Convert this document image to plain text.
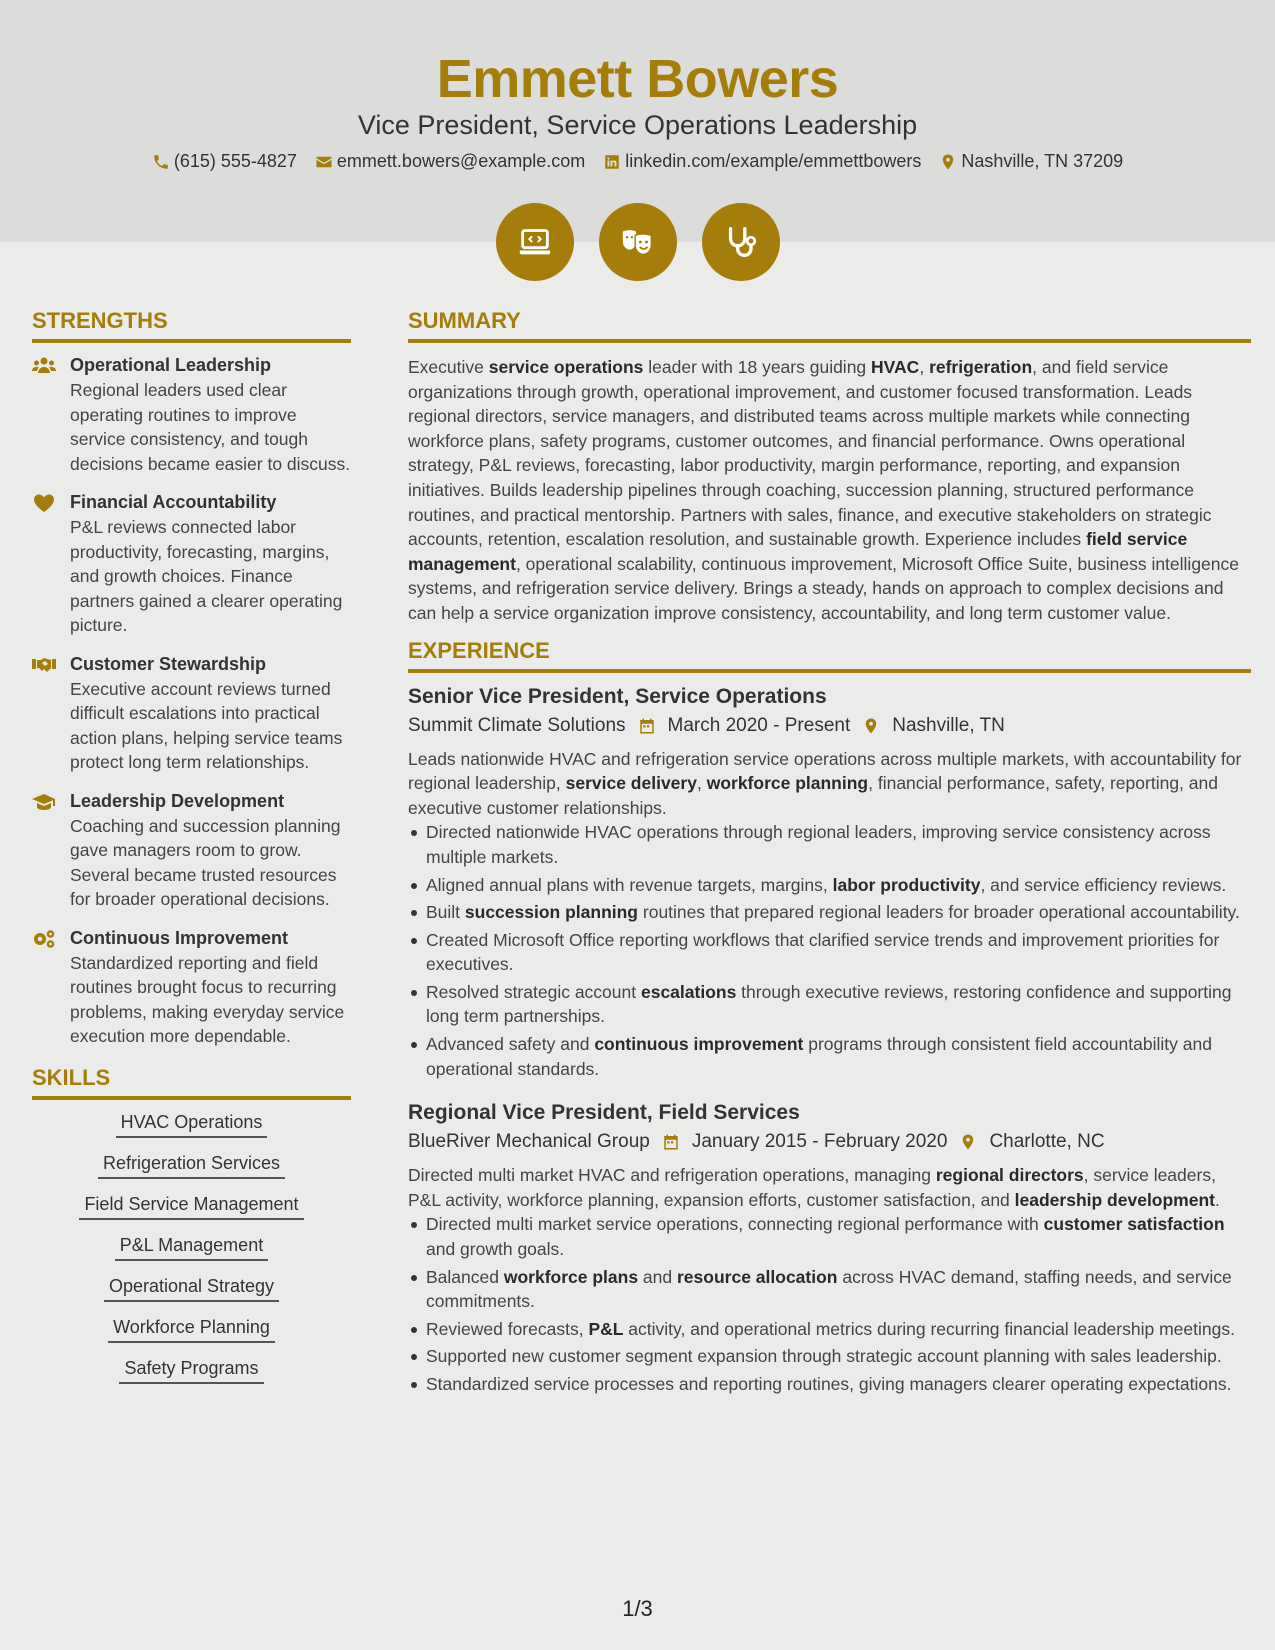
Emmett Bowers
Vice President, Service Operations Leadership
(615) 555-4827 emmett.bowers@example.com linkedin.com/example/emmettbowers Nashville, TN 37209
STRENGTHS
Operational Leadership
Regional leaders used clear operating routines to improve service consistency, and tough decisions became easier to discuss.
Financial Accountability
P&L reviews connected labor productivity, forecasting, margins, and growth choices. Finance partners gained a clearer operating picture.
Customer Stewardship
Executive account reviews turned difficult escalations into practical action plans, helping service teams protect long term relationships.
Leadership Development
Coaching and succession planning gave managers room to grow. Several became trusted resources for broader operational decisions.
Continuous Improvement
Standardized reporting and field routines brought focus to recurring problems, making everyday service execution more dependable.
SKILLS
HVAC Operations
Refrigeration Services
Field Service Management
P&L Management
Operational Strategy
Workforce Planning
Safety Programs
SUMMARY
Executive service operations leader with 18 years guiding HVAC, refrigeration, and field service organizations through growth, operational improvement, and customer focused transformation. Leads regional directors, service managers, and distributed teams across multiple markets while connecting workforce plans, safety programs, customer outcomes, and financial performance. Owns operational strategy, P&L reviews, forecasting, labor productivity, margin performance, reporting, and expansion initiatives. Builds leadership pipelines through coaching, succession planning, structured performance routines, and practical mentorship. Partners with sales, finance, and executive stakeholders on strategic accounts, retention, escalation resolution, and sustainable growth. Experience includes field service management, operational scalability, continuous improvement, Microsoft Office Suite, business intelligence systems, and refrigeration service delivery. Brings a steady, hands on approach to complex decisions and can help a service organization improve consistency, accountability, and long term customer value.
EXPERIENCE
Senior Vice President, Service Operations
Summit Climate Solutions March 2020 - Present Nashville, TN
Leads nationwide HVAC and refrigeration service operations across multiple markets, with accountability for regional leadership, service delivery, workforce planning, financial performance, safety, reporting, and executive customer relationships.
Directed nationwide HVAC operations through regional leaders, improving service consistency across multiple markets.
Aligned annual plans with revenue targets, margins, labor productivity, and service efficiency reviews.
Built succession planning routines that prepared regional leaders for broader operational accountability.
Created Microsoft Office reporting workflows that clarified service trends and improvement priorities for executives.
Resolved strategic account escalations through executive reviews, restoring confidence and supporting long term partnerships.
Advanced safety and continuous improvement programs through consistent field accountability and operational standards.
Regional Vice President, Field Services
BlueRiver Mechanical Group January 2015 - February 2020 Charlotte, NC
Directed multi market HVAC and refrigeration operations, managing regional directors, service leaders, P&L activity, workforce planning, expansion efforts, customer satisfaction, and leadership development.
Directed multi market service operations, connecting regional performance with customer satisfaction and growth goals.
Balanced workforce plans and resource allocation across HVAC demand, staffing needs, and service commitments.
Reviewed forecasts, P&L activity, and operational metrics during recurring financial leadership meetings.
Supported new customer segment expansion through strategic account planning with sales leadership.
Standardized service processes and reporting routines, giving managers clearer operating expectations.
1/3
